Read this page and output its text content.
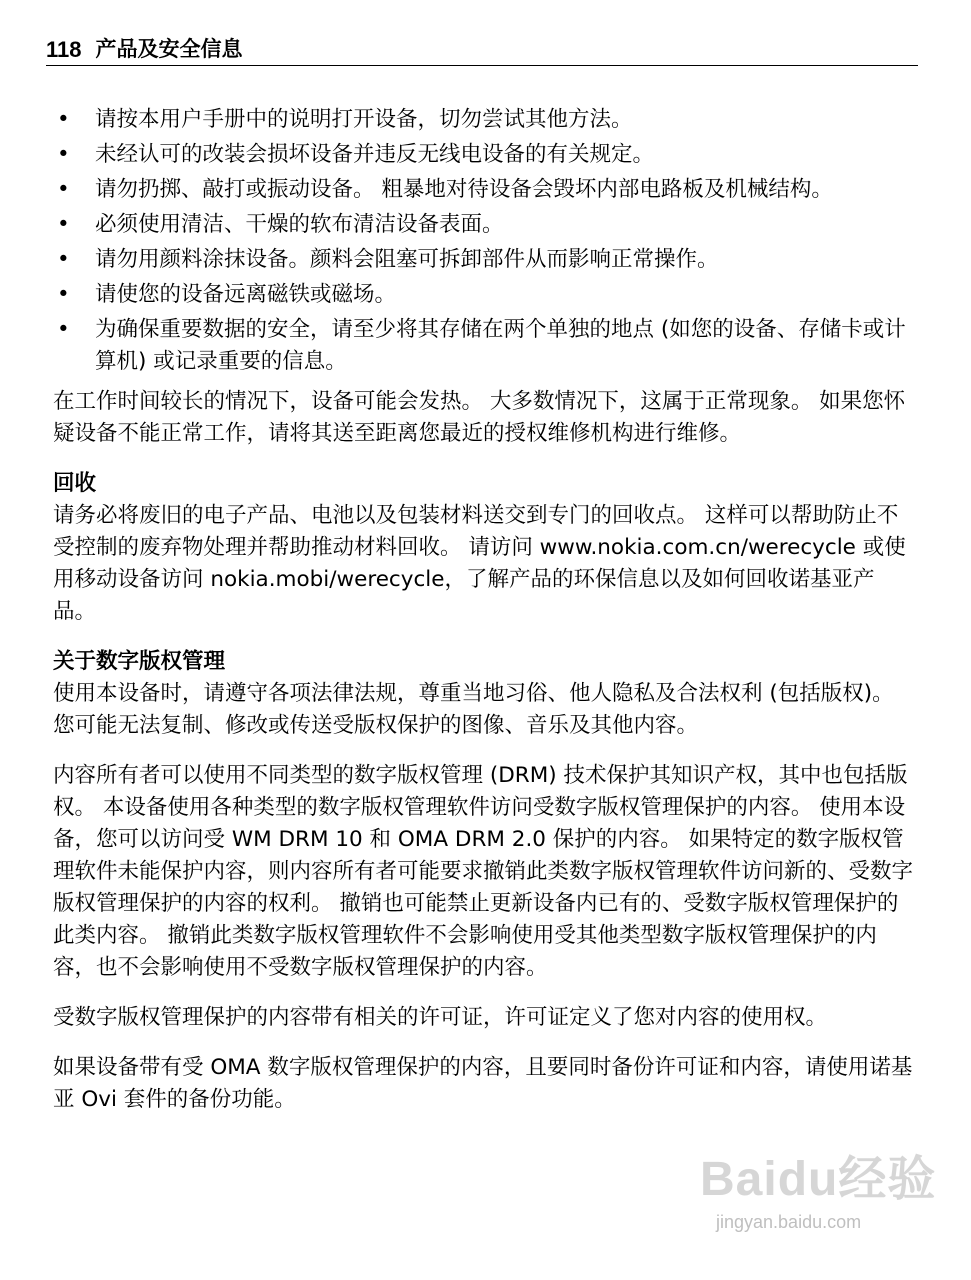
118 产品及安全信息
• 请按本用户手册中的说明打开设备，切勿尝试其他方法。
• 未经认可的改装会损坏设备并违反无线电设备的有关规定。
• 请勿扔掷、敲打或振动设备。 粗暴地对待设备会毁坏内部电路板及机械结构。
• 必须使用清洁、干燥的软布清洁设备表面。
• 请勿用颜料涂抹设备。颜料会阻塞可拆卸部件从而影响正常操作。
• 请使您的设备远离磁铁或磁场。
• 为确保重要数据的安全，请至少将其存储在两个单独的地点 (如您的设备、存储卡或计算机) 或记录重要的信息。

在工作时间较长的情况下，设备可能会发热。 大多数情况下，这属于正常现象。 如果您怀疑设备不能正常工作，请将其送至距离您最近的授权维修机构进行维修。

回收

请务必将废旧的电子产品、电池以及包装材料送交到专门的回收点。 这样可以帮助防止不受控制的废弃物处理并帮助推动材料回收。 请访问 www.nokia.com.cn/werecycle 或使用移动设备访问 nokia.mobi/werecycle，了解产品的环保信息以及如何回收诺基亚产品。

关于数字版权管理

使用本设备时，请遵守各项法律法规，尊重当地习俗、他人隐私及合法权利 (包括版权)。 您可能无法复制、修改或传送受版权保护的图像、音乐及其他内容。

内容所有者可以使用不同类型的数字版权管理 (DRM) 技术保护其知识产权，其中也包括版权。 本设备使用各种类型的数字版权管理软件访问受数字版权管理保护的内容。 使用本设备，您可以访问受 WM DRM 10 和 OMA DRM 2.0 保护的内容。 如果特定的数字版权管理软件未能保护内容，则内容所有者可能要求撤销此类数字版权管理软件访问新的、受数字版权管理保护的内容的权利。 撤销也可能禁止更新设备内已有的、受数字版权管理保护的此类内容。 撤销此类数字版权管理软件不会影响使用受其他类型数字版权管理保护的内容，也不会影响使用不受数字版权管理保护的内容。

受数字版权管理保护的内容带有相关的许可证，许可证定义了您对内容的使用权。

如果设备带有受 OMA 数字版权管理保护的内容，且要同时备份许可证和内容，请使用诺基亚 Ovi 套件的备份功能。

Baidu经验
jingyan.baidu.com
